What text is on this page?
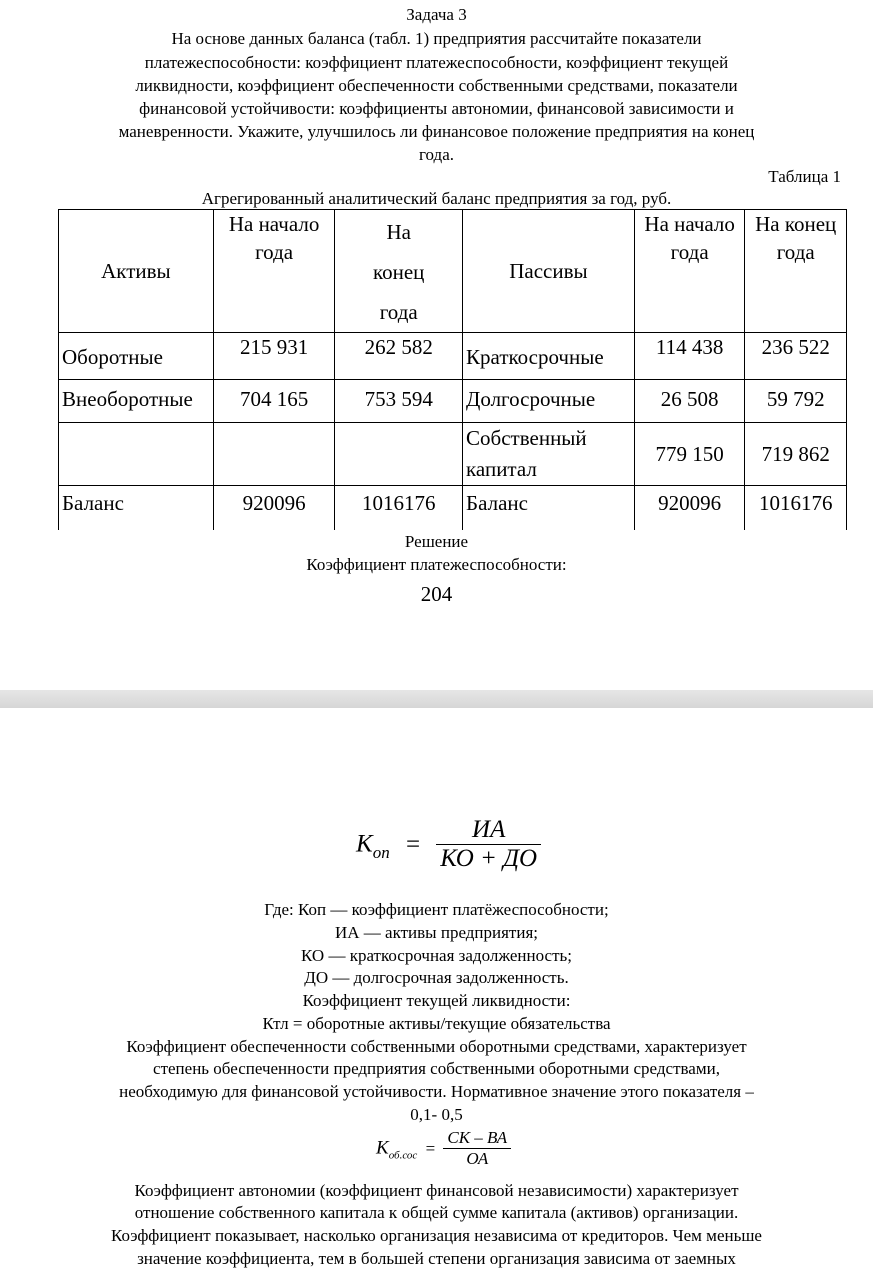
Задача 3
На основе данных баланса (табл. 1) предприятия рассчитайте показатели
платежеспособности: коэффициент платежеспособности, коэффициент текущей
ликвидности, коэффициент обеспеченности собственными средствами, показатели
финансовой устойчивости: коэффициенты автономии, финансовой зависимости и
маневренности. Укажите, улучшилось ли финансовое положение предприятия на конец
года.
Таблица 1
Агрегированный аналитический баланс предприятия за год, руб.
Активы	На начало года	На конец года	Пассивы	На начало года	На конец года
Оборотные	215 931	262 582	Краткосрочные	114 438	236 522
Внеоборотные	704 165	753 594	Долгосрочные	26 508	59 792
			Собственный капитал	779 150	719 862
Баланс	920096	1016176	Баланс	920096	1016176
Решение
Коэффициент платежеспособности:
204
$K_{оп} = \frac{ИА}{КО + ДО}$
Где: Коп — коэффициент платёжеспособности;
ИА — активы предприятия;
КО — краткосрочная задолженность;
ДО — долгосрочная задолженность.
Коэффициент текущей ликвидности:
Ктл = оборотные активы/текущие обязательства
Коэффициент обеспеченности собственными оборотными средствами, характеризует
степень обеспеченности предприятия собственными оборотными средствами,
необходимую для финансовой устойчивости. Нормативное значение этого показателя –
0,1- 0,5
$K_{об.сос} = \frac{СК - ВА}{ОА}$
Коэффициент автономии (коэффициент финансовой независимости) характеризует
отношение собственного капитала к общей сумме капитала (активов) организации.
Коэффициент показывает, насколько организация независима от кредиторов. Чем меньше
значение коэффициента, тем в большей степени организация зависима от заемных
